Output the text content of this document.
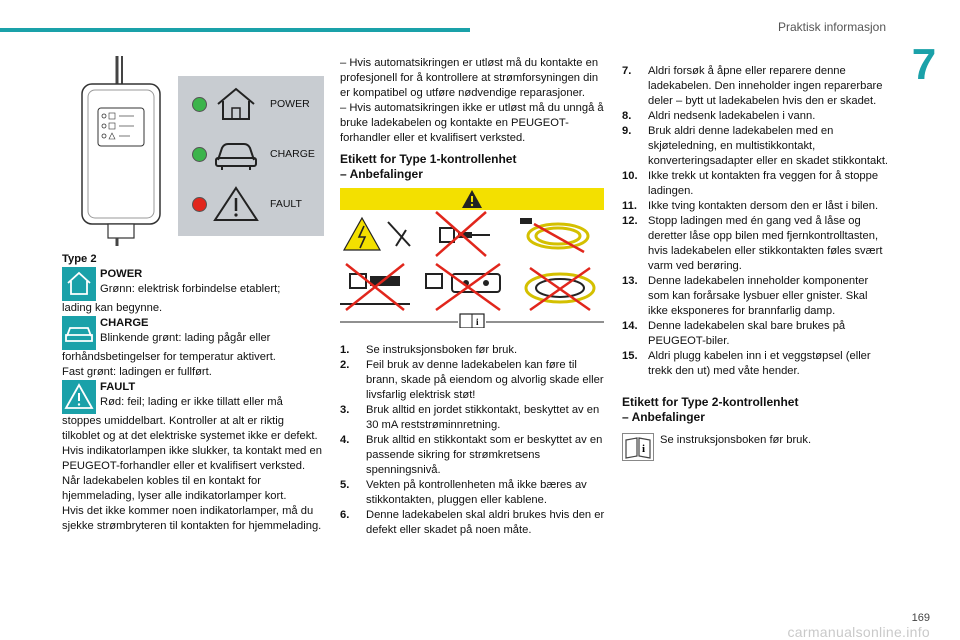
Praktisk informasjon
7
POWER
CHARGE
FAULT

Type 2

POWER

Grønn: elektrisk forbindelse etablert;

lading kan begynne.

CHARGE

Blinkende grønt: lading pågår eller

forhåndsbetingelser for temperatur aktivert.

Fast grønt: ladingen er fullført.

FAULT

Rød: feil; lading er ikke tillatt eller må

stoppes umiddelbart. Kontroller at alt er riktig tilkoblet og at det elektriske systemet ikke er defekt.

Hvis indikatorlampen ikke slukker, ta kontakt med en PEUGEOT-forhandler eller et kvalifisert verksted.

Når ladekabelen kobles til en kontakt for hjemmelading, lyser alle indikatorlamper kort.

Hvis det ikke kommer noen indikatorlamper, må du sjekke strømbryteren til kontakten for hjemmelading.

– Hvis automatsikringen er utløst må du kontakte en profesjonell for å kontrollere at strømforsyningen din er kompatibel og utføre nødvendige reparasjoner.

– Hvis automatsikringen ikke er utløst må du unngå å bruke ladekabelen og kontakte en PEUGEOT-forhandler eller et kvalifisert verksted.

Etikett for Type 1-kontrollenhet

– Anbefalinger

i
1. Se instruksjonsboken før bruk.
2. Feil bruk av denne ladekabelen kan føre til brann, skade på eiendom og alvorlig skade eller livsfarlig elektrisk støt!
3. Bruk alltid en jordet stikkontakt, beskyttet av en 30 mA reststrøminnretning.
4. Bruk alltid en stikkontakt som er beskyttet av en passende sikring for strømkretsens spenningsnivå.
5. Vekten på kontrollenheten må ikke bæres av stikkontakten, pluggen eller kablene.
6. Denne ladekabelen skal aldri brukes hvis den er defekt eller skadet på noen måte.
7. Aldri forsøk å åpne eller reparere denne ladekabelen. Den inneholder ingen reparerbare deler – bytt ut ladekabelen hvis den er skadet.
8. Aldri nedsenk ladekabelen i vann.
9. Bruk aldri denne ladekabelen med en skjøteledning, en multistikkontakt, konverteringsadapter eller en skadet stikkontakt.
10. Ikke trekk ut kontakten fra veggen for å stoppe ladingen.
11. Ikke tving kontakten dersom den er låst i bilen.
12. Stopp ladingen med én gang ved å låse og deretter låse opp bilen med fjernkontrolltasten, hvis ladekabelen eller stikkontakten føles svært varm ved berøring.
13. Denne ladekabelen inneholder komponenter som kan forårsake lysbuer eller gnister. Skal ikke eksponeres for brannfarlig damp.
14. Denne ladekabelen skal bare brukes på PEUGEOT-biler.
15. Aldri plugg kabelen inn i et veggstøpsel (eller trekk den ut) med våte hender.

Etikett for Type 2-kontrollenhet

– Anbefalinger

i

Se instruksjonsboken før bruk.

169
carmanualsonline.info
